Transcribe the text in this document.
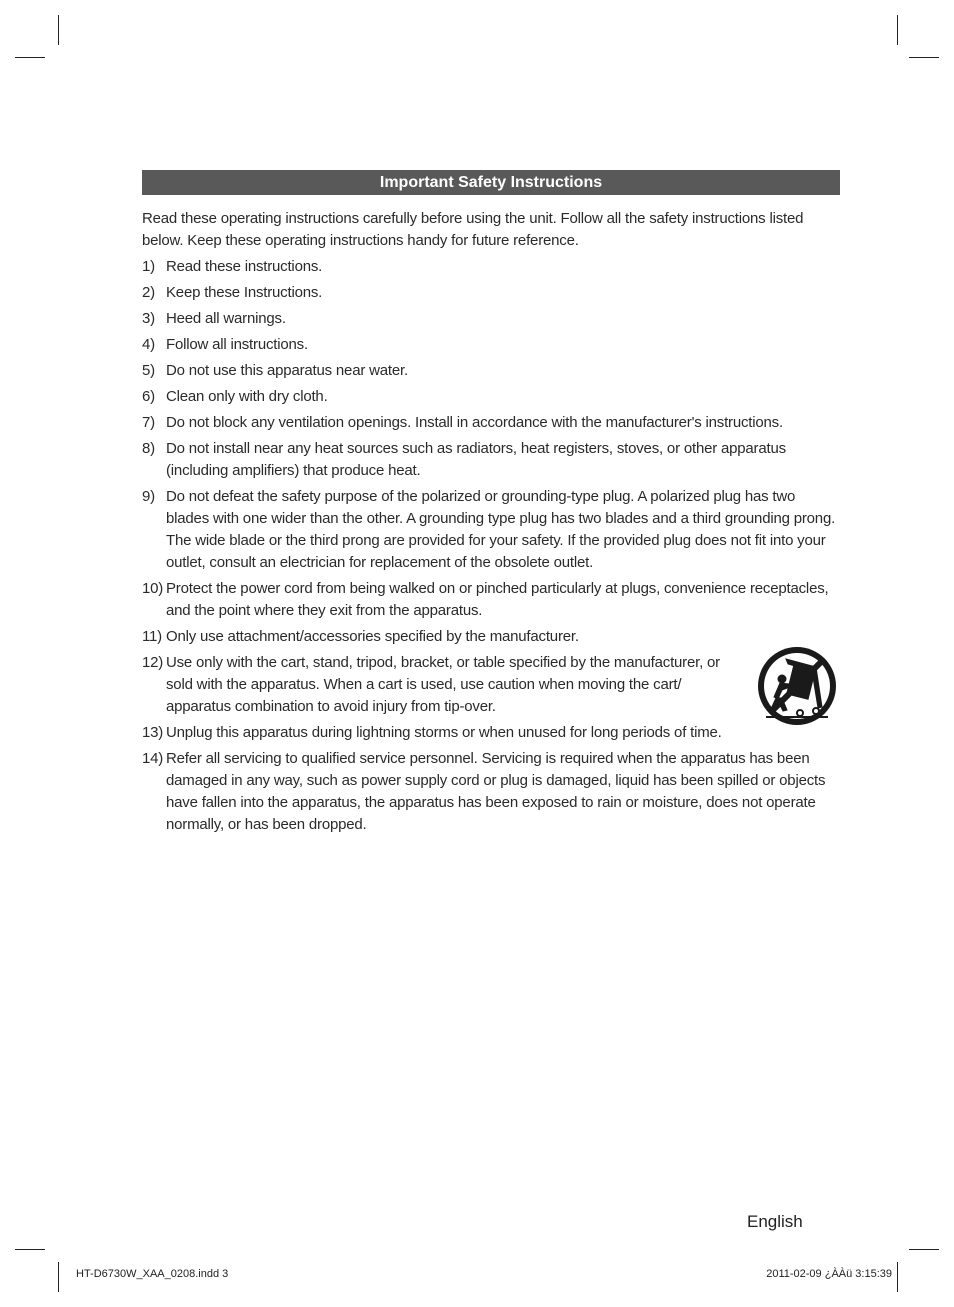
Important Safety Instructions

Read these operating instructions carefully before using the unit. Follow all the safety instructions listed below. Keep these operating instructions handy for future reference.

1) Read these instructions.
2) Keep these Instructions.
3) Heed all warnings.
4) Follow all instructions.
5) Do not use this apparatus near water.
6) Clean only with dry cloth.
7) Do not block any ventilation openings. Install in accordance with the manufacturer's instructions.
8) Do not install near any heat sources such as radiators, heat registers, stoves, or other apparatus (including amplifiers) that produce heat.
9) Do not defeat the safety purpose of the polarized or grounding-type plug. A polarized plug has two blades with one wider than the other. A grounding type plug has two blades and a third grounding prong. The wide blade or the third prong are provided for your safety. If the provided plug does not fit into your outlet, consult an electrician for replacement of the obsolete outlet.
10) Protect the power cord from being walked on or pinched particularly at plugs, convenience receptacles, and the point where they exit from the apparatus.
11) Only use attachment/accessories specified by the manufacturer.
12) Use only with the cart, stand, tripod, bracket, or table specified by the manufacturer, or sold with the apparatus. When a cart is used, use caution when moving the cart/ apparatus combination to avoid injury from tip-over.
13) Unplug this apparatus during lightning storms or when unused for long periods of time.
14) Refer all servicing to qualified service personnel. Servicing is required when the apparatus has been damaged in any way, such as power supply cord or plug is damaged, liquid has been spilled or objects have fallen into the apparatus, the apparatus has been exposed to rain or moisture, does not operate normally, or has been dropped.
English
HT-D6730W_XAA_0208.indd 3	2011-02-09 ¿ÀÀü 3:15:39
